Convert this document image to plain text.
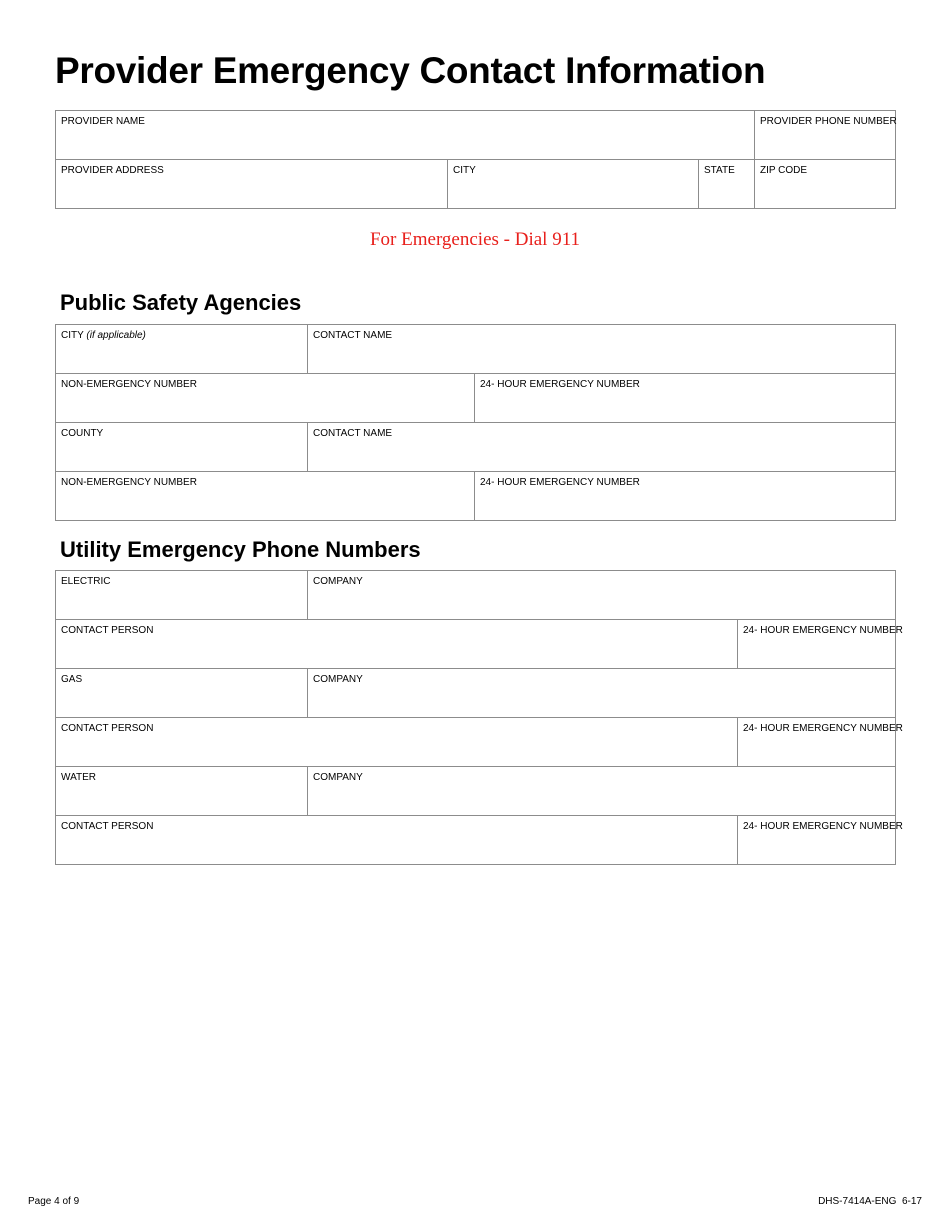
Provider Emergency Contact Information
PROVIDER NAME			PROVIDER PHONE NUMBER

PROVIDER ADDRESS	CITY	STATE	ZIP CODE
For Emergencies - Dial 911
Public Safety Agencies
CITY (if applicable)	CONTACT NAME	

NON-EMERGENCY NUMBER		24- HOUR EMERGENCY NUMBER

COUNTY	CONTACT NAME	

NON-EMERGENCY NUMBER		24- HOUR EMERGENCY NUMBER
Utility Emergency Phone Numbers
ELECTRIC	COMPANY	

CONTACT PERSON		24- HOUR EMERGENCY NUMBER

GAS	COMPANY	

CONTACT PERSON		24- HOUR EMERGENCY NUMBER

WATER	COMPANY	

CONTACT PERSON		24- HOUR EMERGENCY NUMBER
Page 4 of 9	DHS-7414A-ENG  6-17
